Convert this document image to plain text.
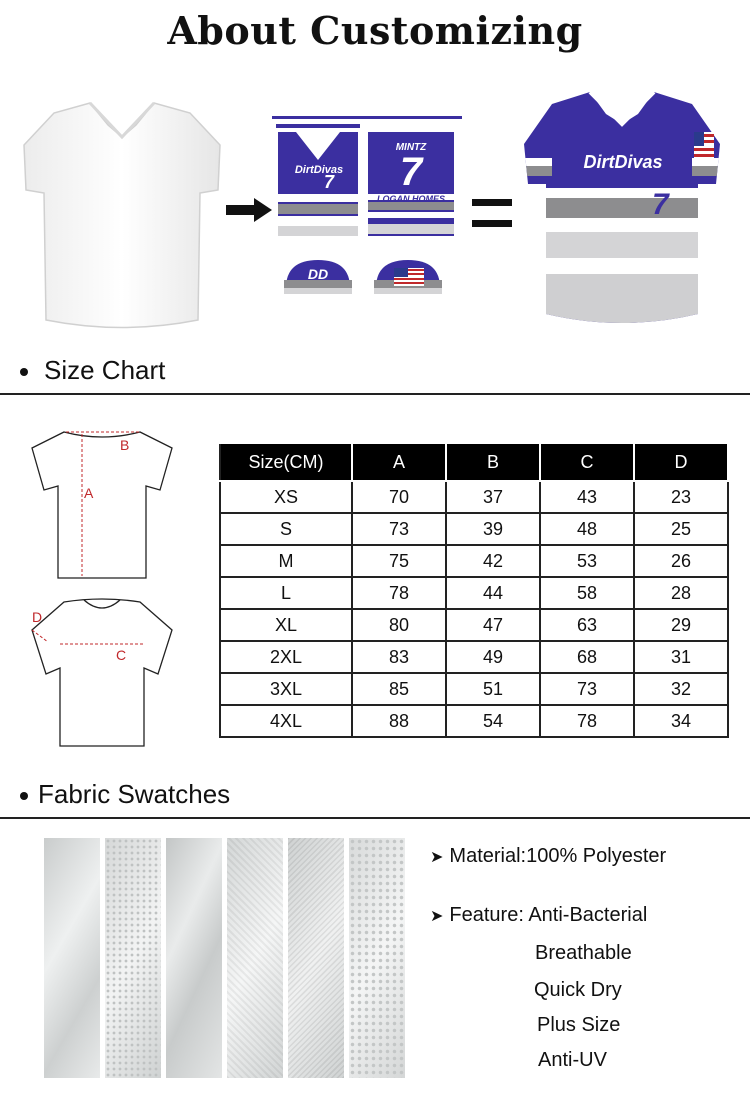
About Customizing
DirtDivas
7
MINTZ
7
LOGAN HOMES
DD
DirtDivas
7
Size Chart
B
A
D
C
Size(CM)	A	B	C	D
XS	70	37	43	23
S	73	39	48	25
M	75	42	53	26
L	78	44	58	28
XL	80	47	63	29
2XL	83	49	68	31
3XL	85	51	73	32
4XL	88	54	78	34
Fabric Swatches
➤ Material:100% Polyester
➤ Feature: Anti-Bacterial
Breathable
Quick Dry
Plus Size
Anti-UV
